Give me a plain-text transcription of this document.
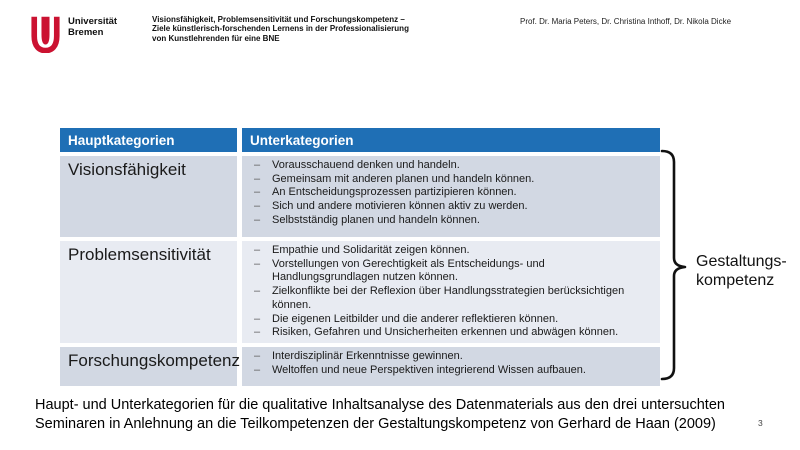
Universität
Bremen
Visionsfähigkeit, Problemsensitivität und Forschungskompetenz –
Ziele künstlerisch-forschenden Lernens in der Professionalisierung
von Kunstlehrenden für eine BNE
Prof. Dr. Maria Peters, Dr. Christina Inthoff, Dr. Nikola Dicke
Hauptkategorien	Unterkategorien
Visionsfähigkeit	–	Vorausschauend denken und handeln.
–	Gemeinsam mit anderen planen und handeln können.
–	An Entscheidungsprozessen partizipieren können.
–	Sich und andere motivieren können aktiv zu werden.
–	Selbstständig planen und handeln können.
Problemsensitivität	–	Empathie und Solidarität zeigen können.
–	Vorstellungen von Gerechtigkeit als Entscheidungs- und Handlungsgrundlagen nutzen können.
–	Zielkonflikte bei der Reflexion über Handlungsstrategien berücksichtigen können.
–	Die eigenen Leitbilder und die anderer reflektieren können.
–	Risiken, Gefahren und Unsicherheiten erkennen und abwägen können.
Forschungskompetenz	–	Interdisziplinär Erkenntnisse gewinnen.
–	Weltoffen und neue Perspektiven integrierend Wissen aufbauen.
Gestaltungs-
kompetenz
Haupt- und Unterkategorien für die qualitative Inhaltsanalyse des Datenmaterials aus den drei untersuchten
Seminaren in Anlehnung an die Teilkompetenzen der Gestaltungskompetenz von Gerhard de Haan (2009)	3
